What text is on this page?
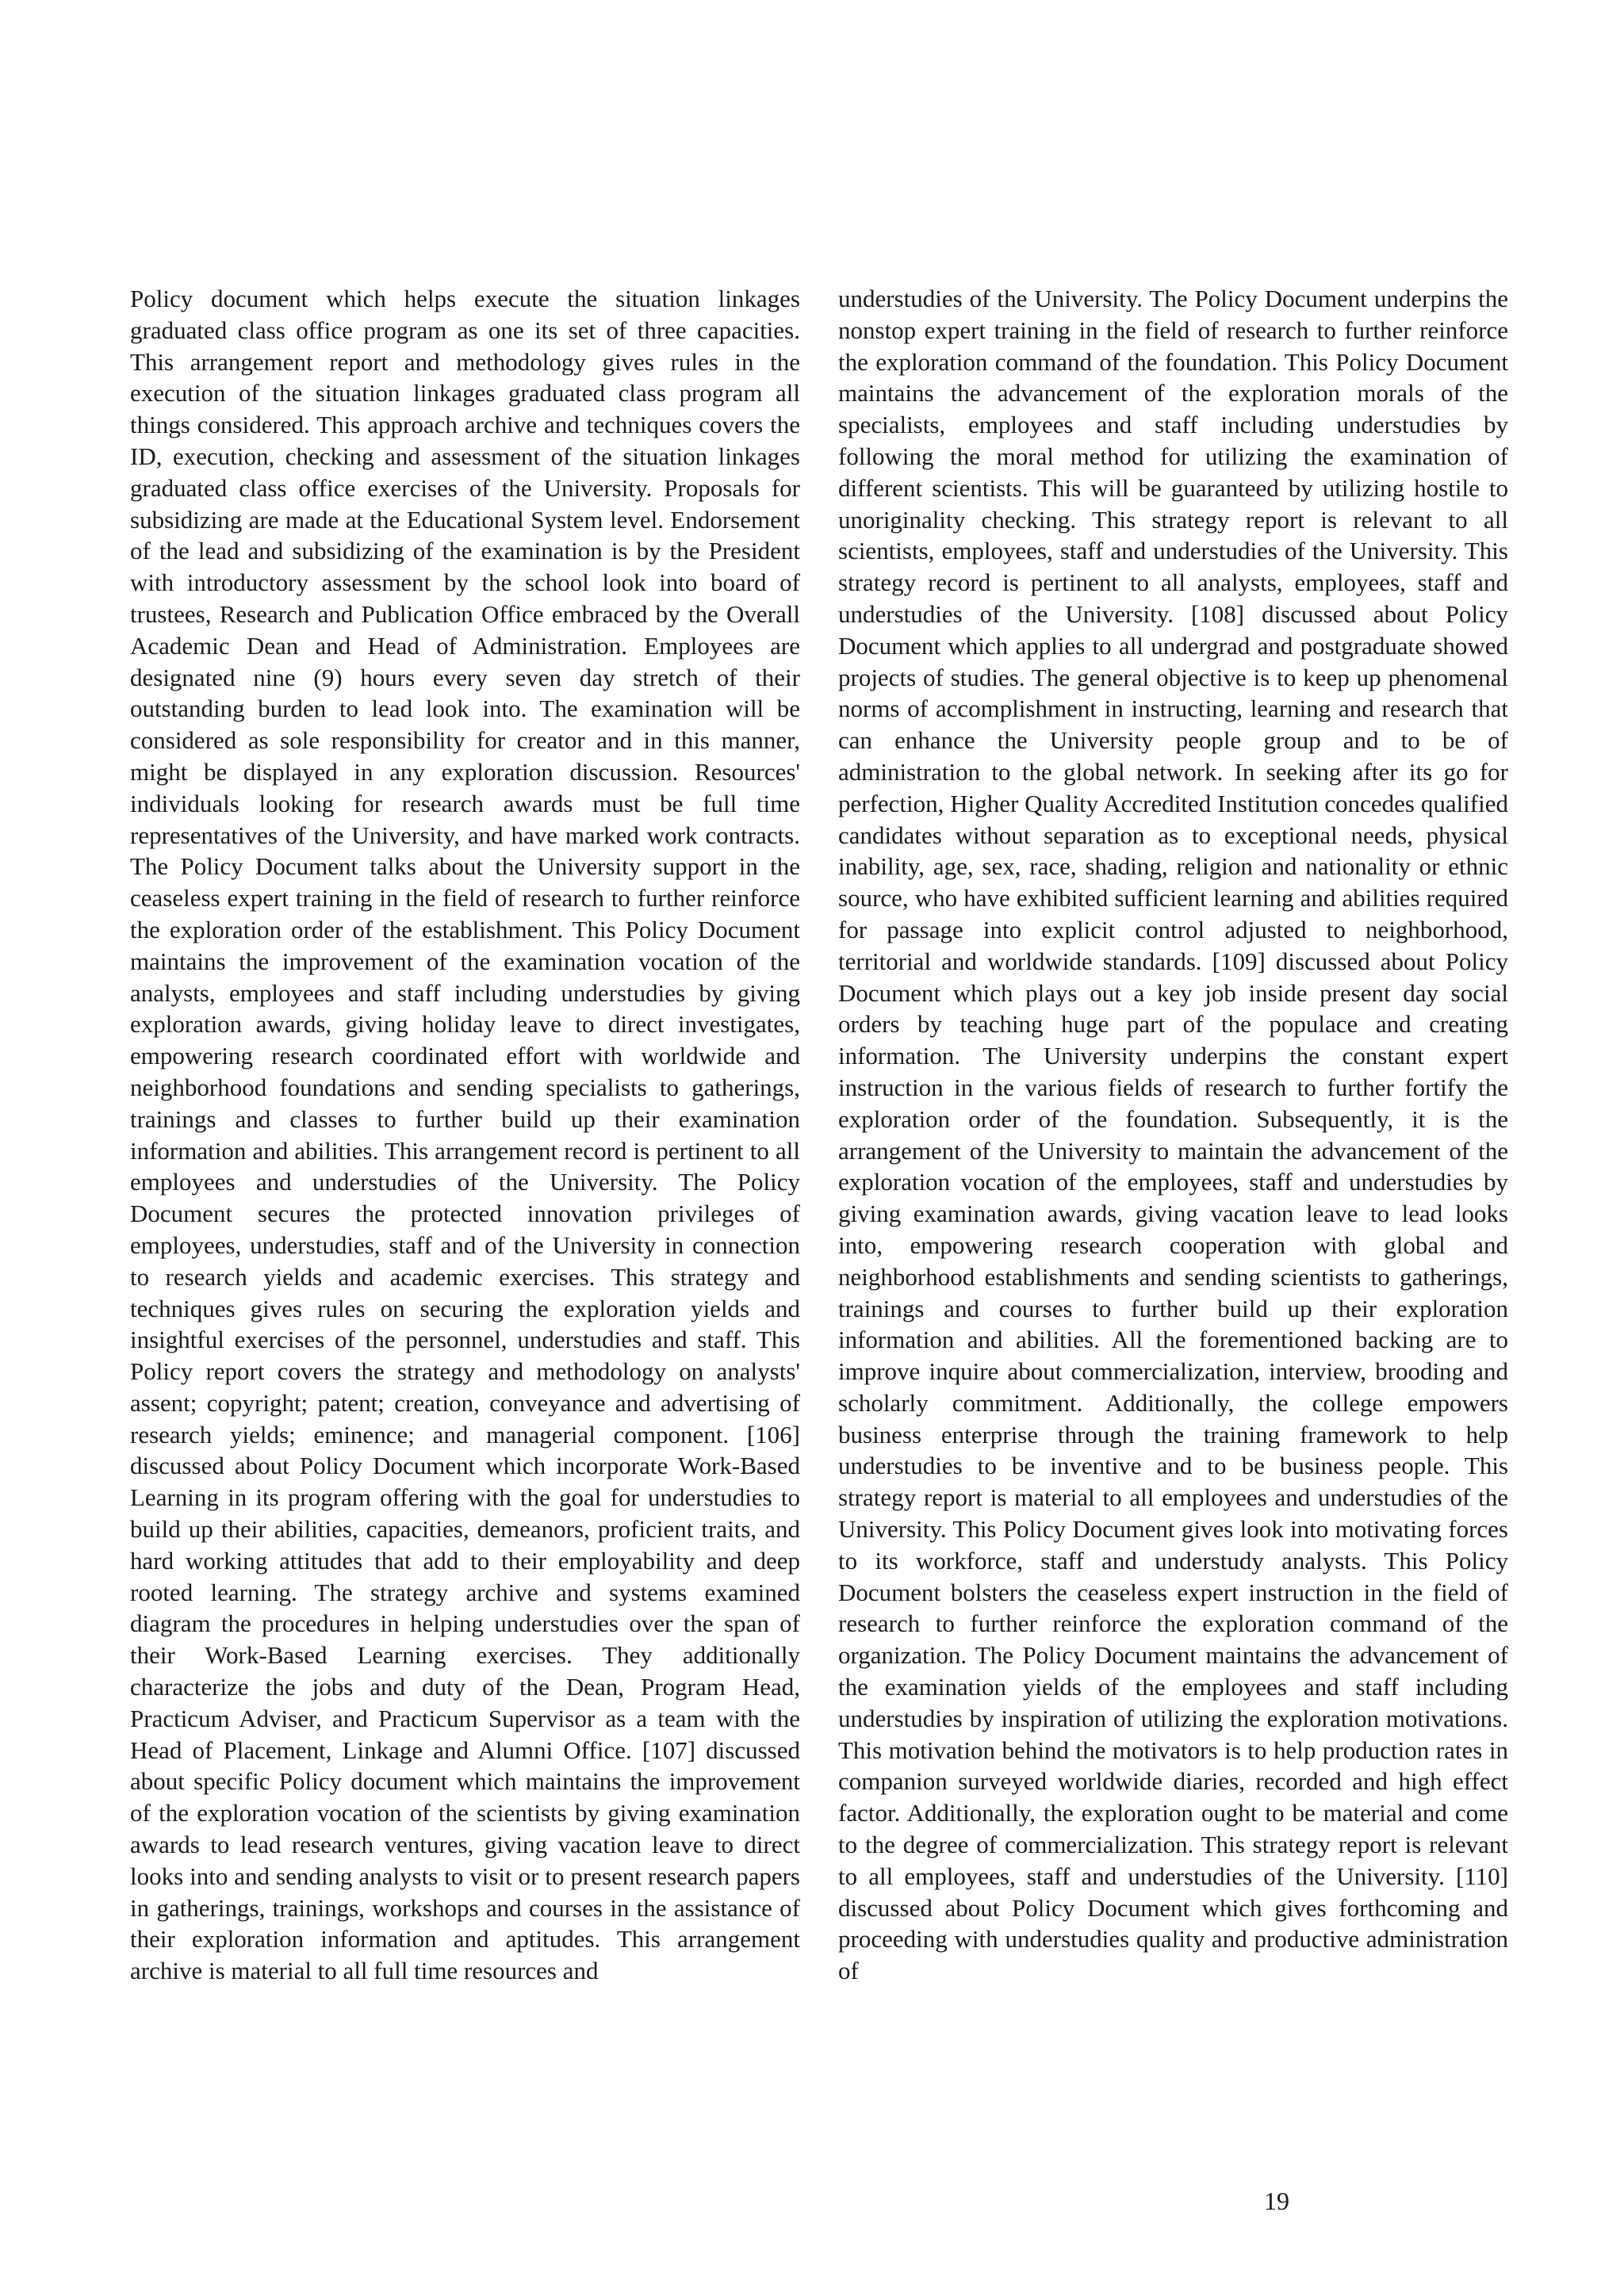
Policy document which helps execute the situation linkages graduated class office program as one its set of three capacities. This arrangement report and methodology gives rules in the execution of the situation linkages graduated class program all things considered. This approach archive and techniques covers the ID, execution, checking and assessment of the situation linkages graduated class office exercises of the University. Proposals for subsidizing are made at the Educational System level. Endorsement of the lead and subsidizing of the examination is by the President with introductory assessment by the school look into board of trustees, Research and Publication Office embraced by the Overall Academic Dean and Head of Administration. Employees are designated nine (9) hours every seven day stretch of their outstanding burden to lead look into. The examination will be considered as sole responsibility for creator and in this manner, might be displayed in any exploration discussion. Resources' individuals looking for research awards must be full time representatives of the University, and have marked work contracts. The Policy Document talks about the University support in the ceaseless expert training in the field of research to further reinforce the exploration order of the establishment. This Policy Document maintains the improvement of the examination vocation of the analysts, employees and staff including understudies by giving exploration awards, giving holiday leave to direct investigates, empowering research coordinated effort with worldwide and neighborhood foundations and sending specialists to gatherings, trainings and classes to further build up their examination information and abilities. This arrangement record is pertinent to all employees and understudies of the University. The Policy Document secures the protected innovation privileges of employees, understudies, staff and of the University in connection to research yields and academic exercises. This strategy and techniques gives rules on securing the exploration yields and insightful exercises of the personnel, understudies and staff. This Policy report covers the strategy and methodology on analysts' assent; copyright; patent; creation, conveyance and advertising of research yields; eminence; and managerial component. [106] discussed about Policy Document which incorporate Work-Based Learning in its program offering with the goal for understudies to build up their abilities, capacities, demeanors, proficient traits, and hard working attitudes that add to their employability and deep rooted learning. The strategy archive and systems examined diagram the procedures in helping understudies over the span of their Work-Based Learning exercises. They additionally characterize the jobs and duty of the Dean, Program Head, Practicum Adviser, and Practicum Supervisor as a team with the Head of Placement, Linkage and Alumni Office. [107] discussed about specific Policy document which maintains the improvement of the exploration vocation of the scientists by giving examination awards to lead research ventures, giving vacation leave to direct looks into and sending analysts to visit or to present research papers in gatherings, trainings, workshops and courses in the assistance of their exploration information and aptitudes. This arrangement archive is material to all full time resources and

understudies of the University. The Policy Document underpins the nonstop expert training in the field of research to further reinforce the exploration command of the foundation. This Policy Document maintains the advancement of the exploration morals of the specialists, employees and staff including understudies by following the moral method for utilizing the examination of different scientists. This will be guaranteed by utilizing hostile to unoriginality checking. This strategy report is relevant to all scientists, employees, staff and understudies of the University. This strategy record is pertinent to all analysts, employees, staff and understudies of the University. [108] discussed about Policy Document which applies to all undergrad and postgraduate showed projects of studies. The general objective is to keep up phenomenal norms of accomplishment in instructing, learning and research that can enhance the University people group and to be of administration to the global network. In seeking after its go for perfection, Higher Quality Accredited Institution concedes qualified candidates without separation as to exceptional needs, physical inability, age, sex, race, shading, religion and nationality or ethnic source, who have exhibited sufficient learning and abilities required for passage into explicit control adjusted to neighborhood, territorial and worldwide standards. [109] discussed about Policy Document which plays out a key job inside present day social orders by teaching huge part of the populace and creating information. The University underpins the constant expert instruction in the various fields of research to further fortify the exploration order of the foundation. Subsequently, it is the arrangement of the University to maintain the advancement of the exploration vocation of the employees, staff and understudies by giving examination awards, giving vacation leave to lead looks into, empowering research cooperation with global and neighborhood establishments and sending scientists to gatherings, trainings and courses to further build up their exploration information and abilities. All the forementioned backing are to improve inquire about commercialization, interview, brooding and scholarly commitment. Additionally, the college empowers business enterprise through the training framework to help understudies to be inventive and to be business people. This strategy report is material to all employees and understudies of the University. This Policy Document gives look into motivating forces to its workforce, staff and understudy analysts. This Policy Document bolsters the ceaseless expert instruction in the field of research to further reinforce the exploration command of the organization. The Policy Document maintains the advancement of the examination yields of the employees and staff including understudies by inspiration of utilizing the exploration motivations. This motivation behind the motivators is to help production rates in companion surveyed worldwide diaries, recorded and high effect factor. Additionally, the exploration ought to be material and come to the degree of commercialization. This strategy report is relevant to all employees, staff and understudies of the University. [110] discussed about Policy Document which gives forthcoming and proceeding with understudies quality and productive administration of

19
